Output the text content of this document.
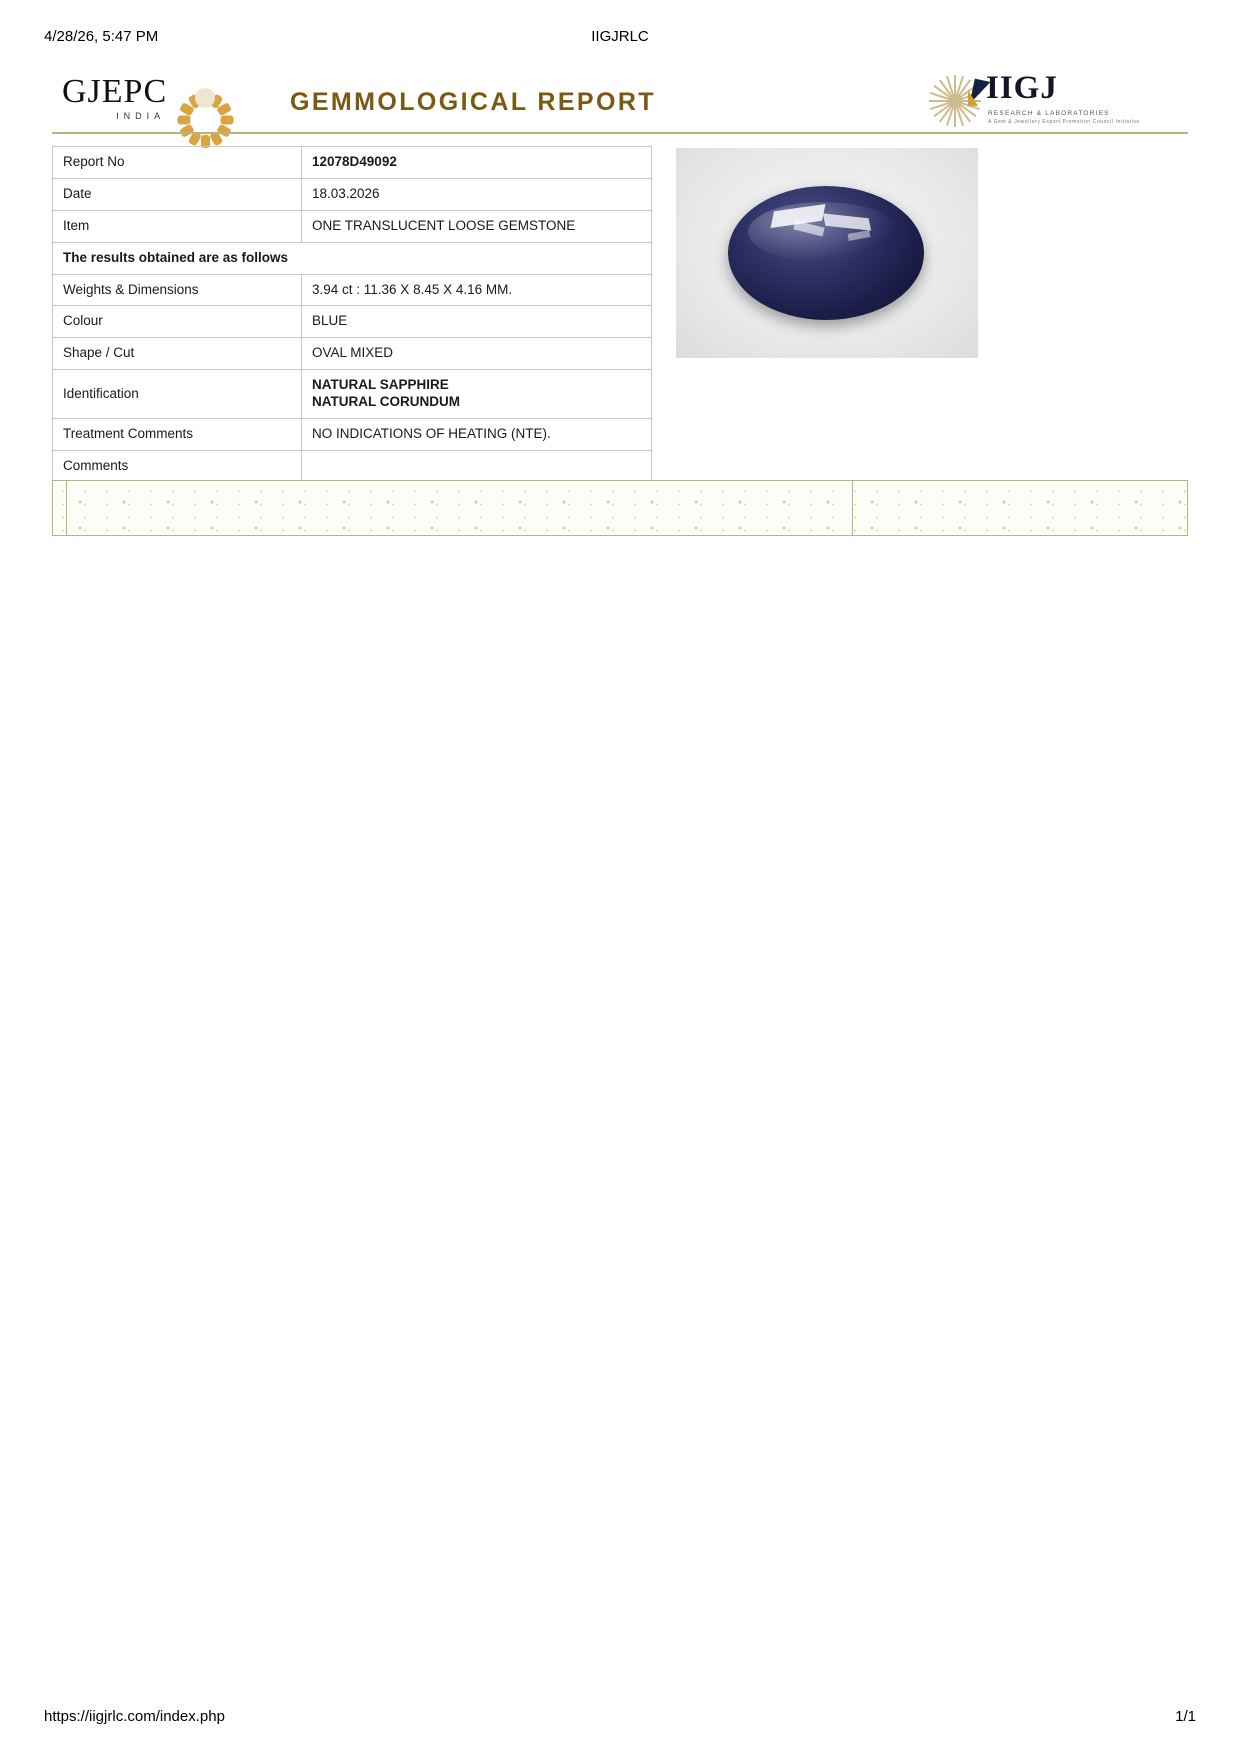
4/28/26, 5:47 PM	IIGJRLC
GJEPC
INDIA	GEMMOLOGICAL REPORT	IIGJ
RESEARCH & LABORATORIES
A Gem & Jewellery Export Promotion Council Initiative
Report No	12078D49092
Date	18.03.2026
Item	ONE TRANSLUCENT LOOSE GEMSTONE
The results obtained are as follows	
Weights & Dimensions	3.94 ct : 11.36 X 8.45 X 4.16 MM.
Colour	BLUE
Shape / Cut	OVAL MIXED
Identification	NATURAL SAPPHIRE
NATURAL CORUNDUM

Treatment Comments	NO INDICATIONS OF HEATING (NTE).
Comments	
https://iigjrlc.com/index.php	1/1
